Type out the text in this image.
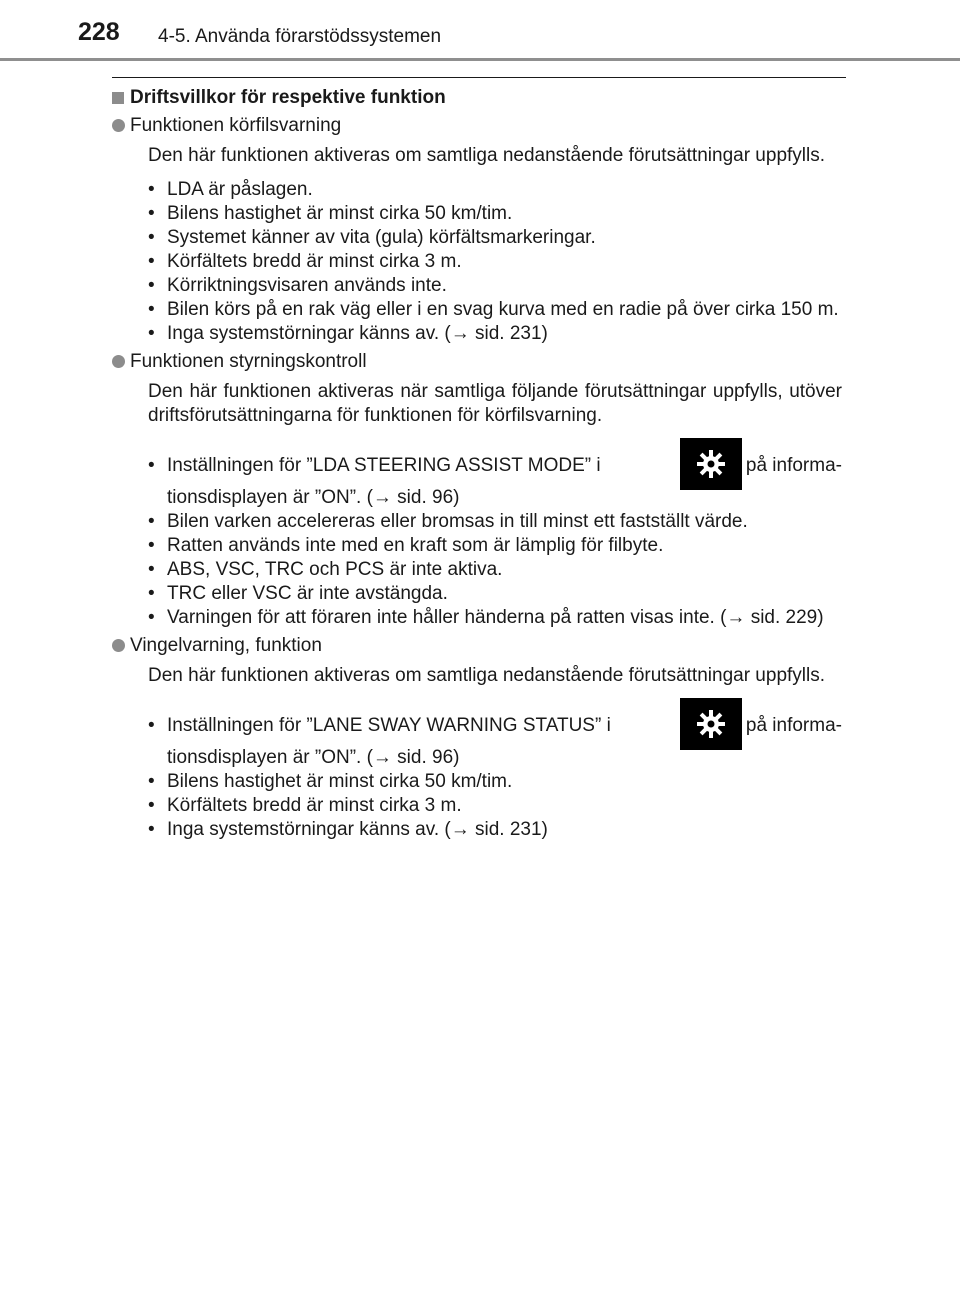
228 4-5. Använda förarstödssystemen
Driftsvillkor för respektive funktion
Funktionen körfilsvarning

Den här funktionen aktiveras om samtliga nedanstående förutsättningar uppfylls.

• LDA är påslagen.
• Bilens hastighet är minst cirka 50 km/tim.
• Systemet känner av vita (gula) körfältsmarkeringar.
• Körfältets bredd är minst cirka 3 m.
• Körriktningsvisaren används inte.
• Bilen körs på en rak väg eller i en svag kurva med en radie på över cirka 150 m.
• Inga systemstörningar känns av. (→ sid. 231)
Funktionen styrningskontroll

Den här funktionen aktiveras när samtliga följande förutsättningar uppfylls, utöver driftsförutsättningarna för funktionen för körfilsvarning.

• Inställningen för ”LDA STEERING ASSIST MODE” i	på informa-
tionsdisplayen är ”ON”. (→ sid. 96)
• Bilen varken accelereras eller bromsas in till minst ett fastställt värde.
• Ratten används inte med en kraft som är lämplig för filbyte.
• ABS, VSC, TRC och PCS är inte aktiva.
• TRC eller VSC är inte avstängda.
• Varningen för att föraren inte håller händerna på ratten visas inte. (→ sid. 229)
Vingelvarning, funktion

Den här funktionen aktiveras om samtliga nedanstående förutsättningar uppfylls.

• Inställningen för ”LANE SWAY WARNING STATUS” i	på informa-
tionsdisplayen är ”ON”. (→ sid. 96)
• Bilens hastighet är minst cirka 50 km/tim.
• Körfältets bredd är minst cirka 3 m.
• Inga systemstörningar känns av. (→ sid. 231)
